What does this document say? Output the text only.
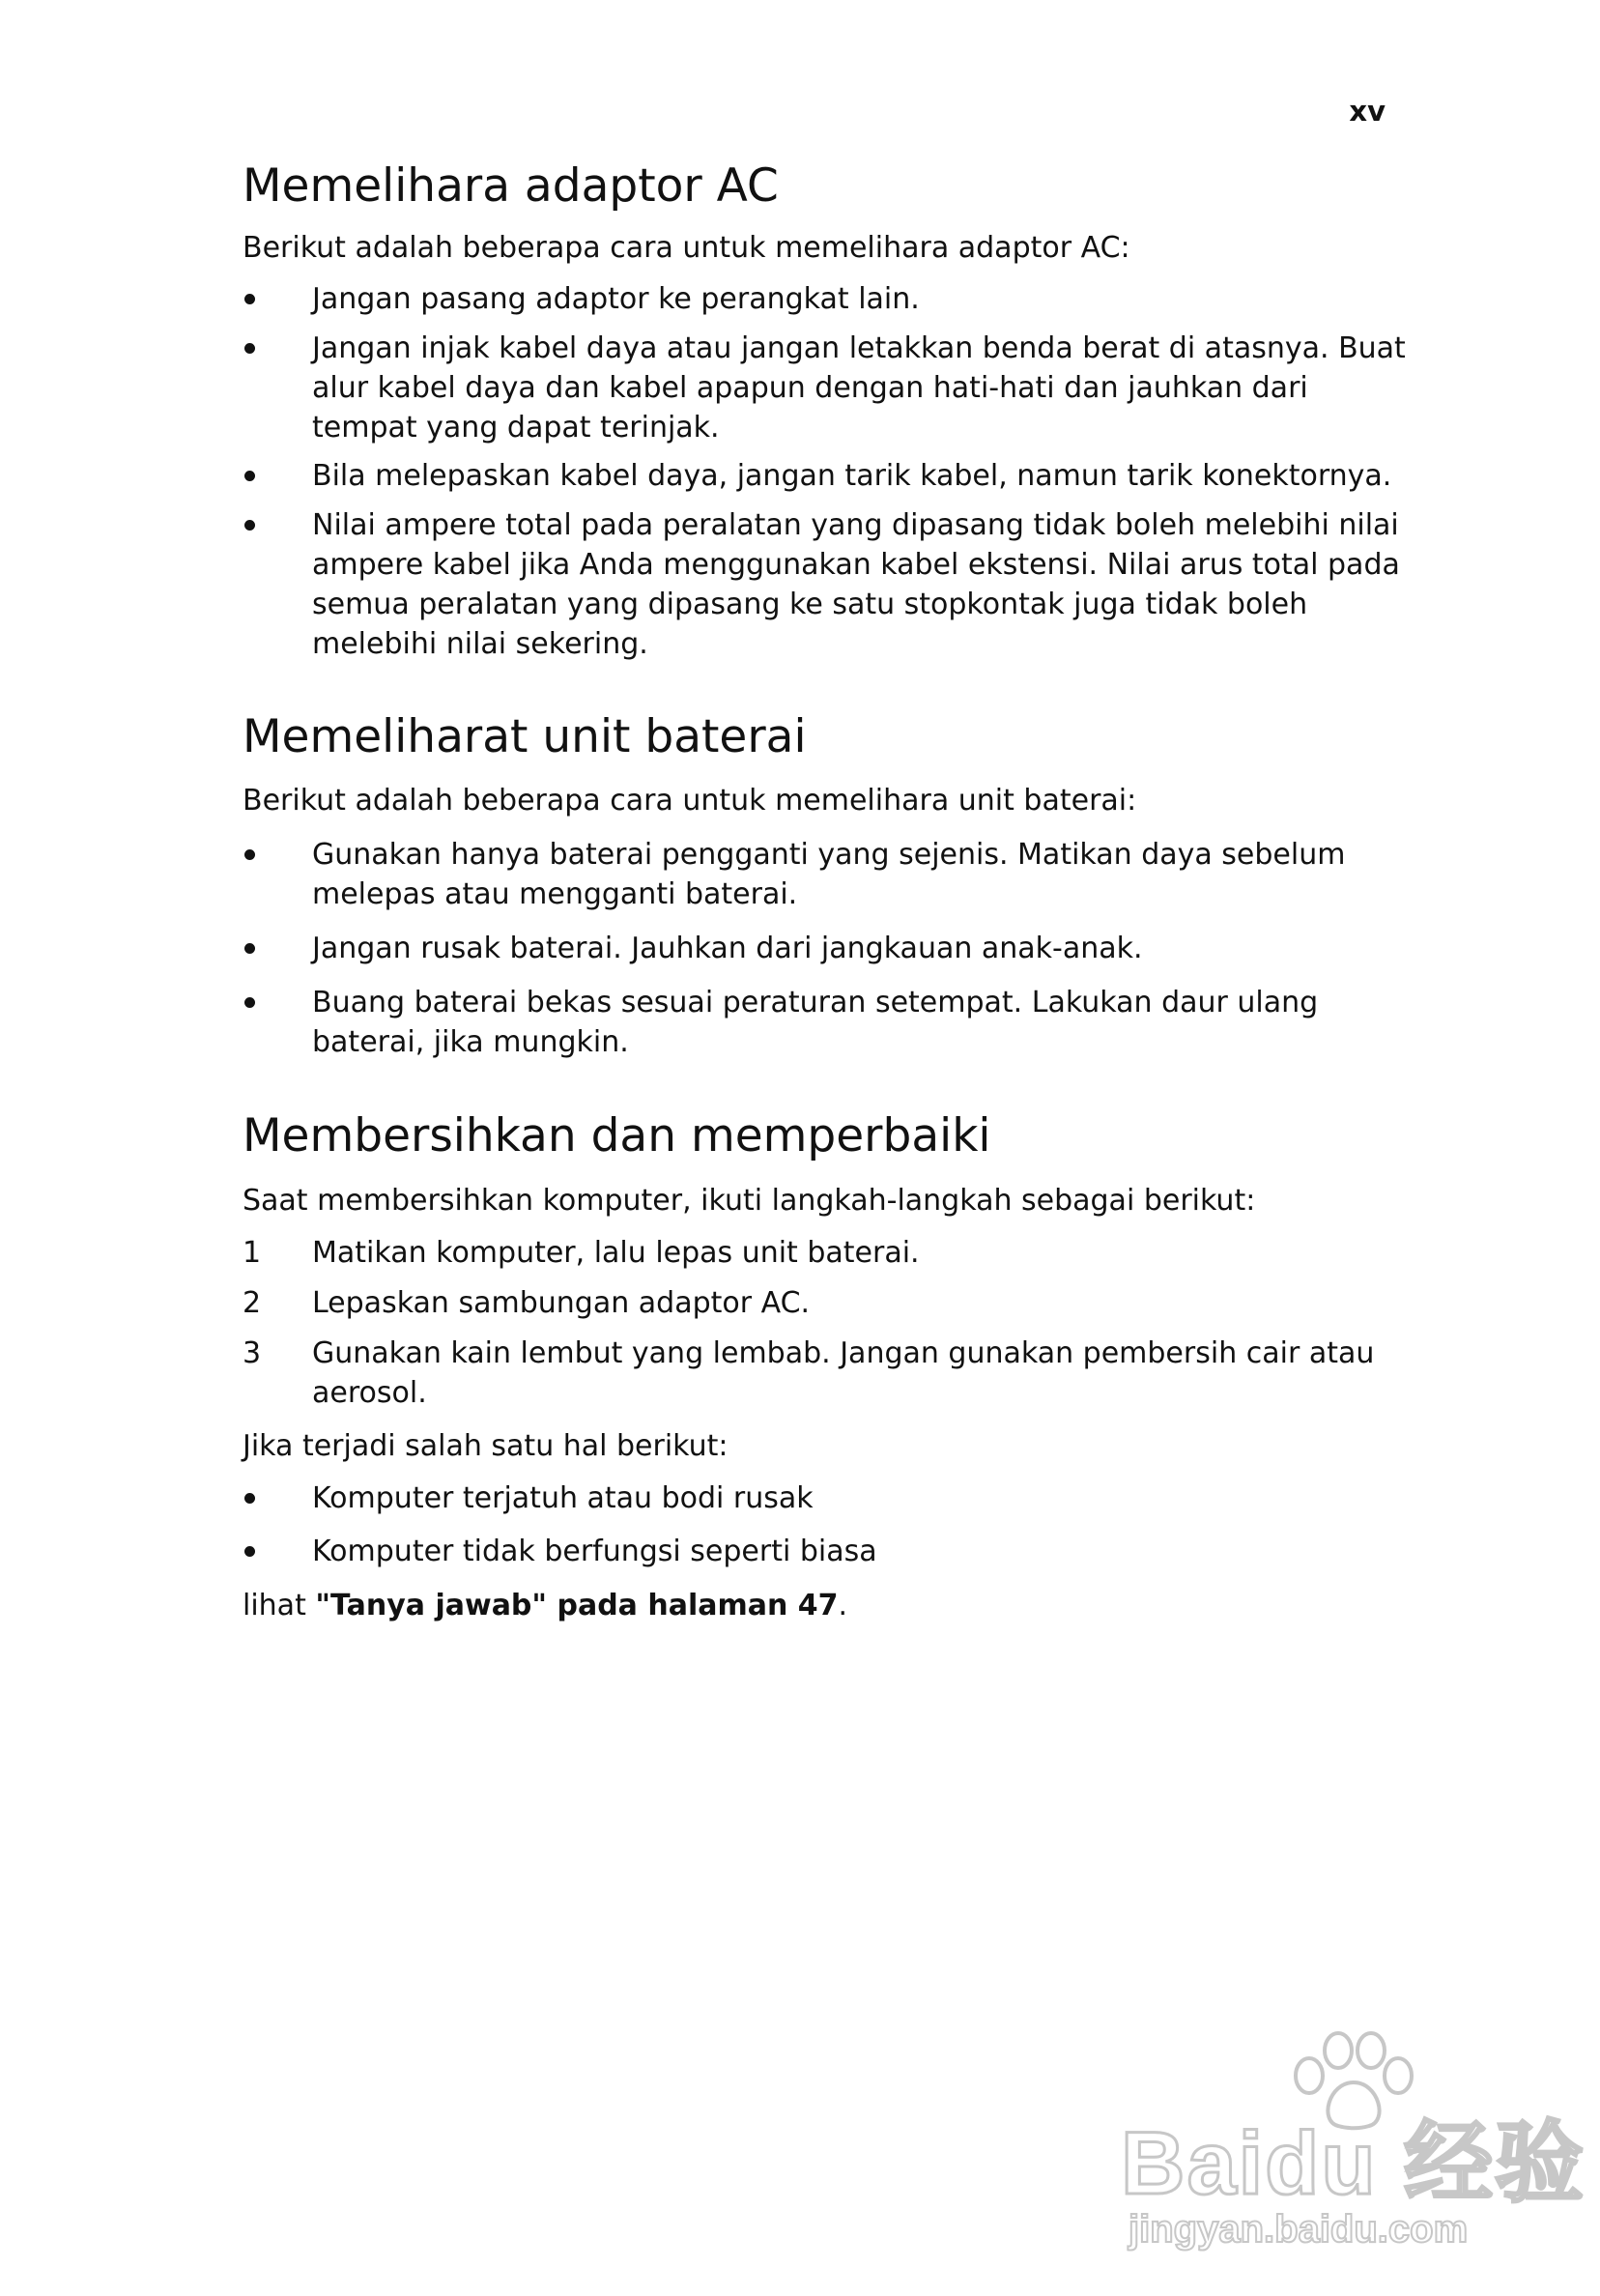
xv
Memelihara adaptor AC

Berikut adalah beberapa cara untuk memelihara adaptor AC:

Jangan pasang adaptor ke perangkat lain.
Jangan injak kabel daya atau jangan letakkan benda berat di atasnya. Buat
alur kabel daya dan kabel apapun dengan hati-hati dan jauhkan dari
tempat yang dapat terinjak.
Bila melepaskan kabel daya, jangan tarik kabel, namun tarik konektornya.
Nilai ampere total pada peralatan yang dipasang tidak boleh melebihi nilai
ampere kabel jika Anda menggunakan kabel ekstensi. Nilai arus total pada
semua peralatan yang dipasang ke satu stopkontak juga tidak boleh
melebihi nilai sekering.
Memeliharat unit baterai

Berikut adalah beberapa cara untuk memelihara unit baterai:

Gunakan hanya baterai pengganti yang sejenis. Matikan daya sebelum
melepas atau mengganti baterai.
Jangan rusak baterai. Jauhkan dari jangkauan anak-anak.
Buang baterai bekas sesuai peraturan setempat. Lakukan daur ulang
baterai, jika mungkin.
Membersihkan dan memperbaiki

Saat membersihkan komputer, ikuti langkah-langkah sebagai berikut:

1	Matikan komputer, lalu lepas unit baterai.
2	Lepaskan sambungan adaptor AC.
3	Gunakan kain lembut yang lembab. Jangan gunakan pembersih cair atau
aerosol.

Jika terjadi salah satu hal berikut:

Komputer terjatuh atau bodi rusak
Komputer tidak berfungsi seperti biasa

lihat "Tanya jawab" pada halaman 47.

Baidu 经验
jingyan.baidu.com
